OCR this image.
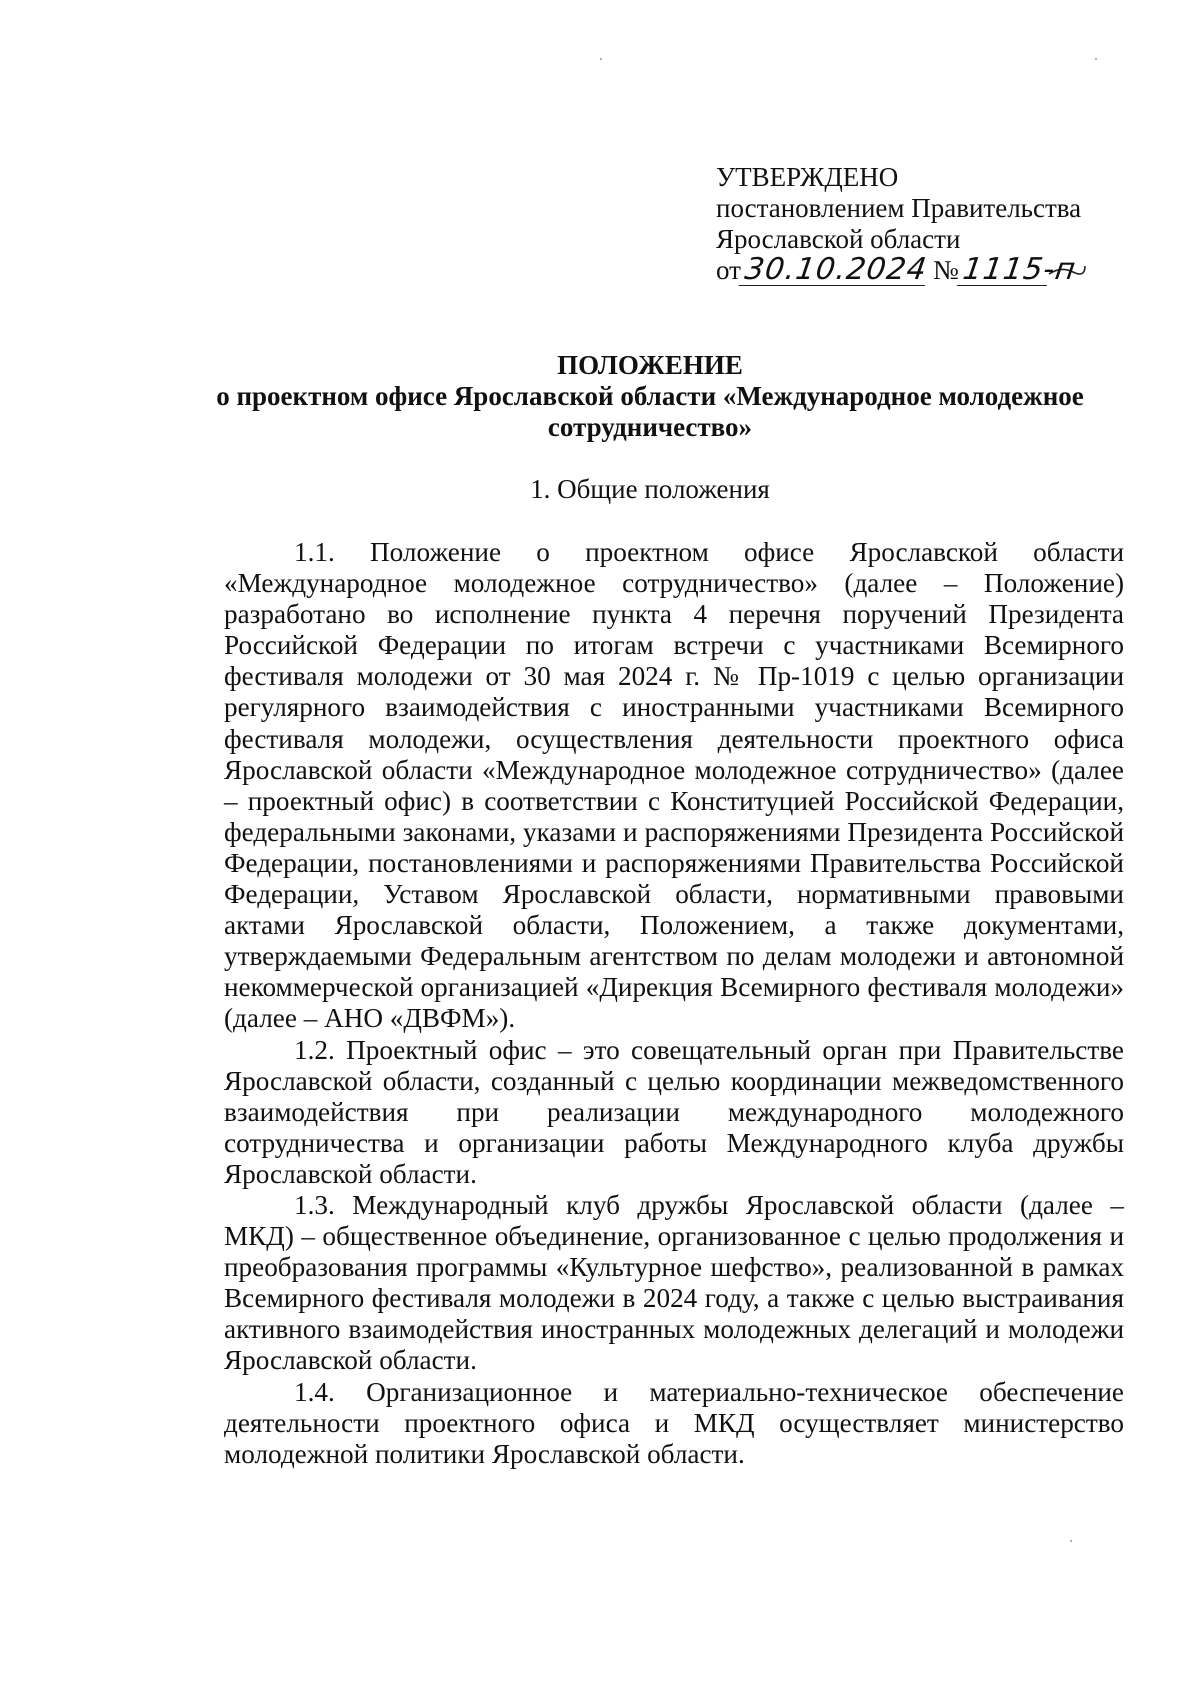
УТВЕРЖДЕНО
постановлением Правительства
Ярославской области
от 30.10.2024 № 1115-п
ПОЛОЖЕНИЕ
о проектном офисе Ярославской области «Международное молодежное
сотрудничество»
1. Общие положения

1.1. Положение о проектном офисе Ярославской области «Международное молодежное сотрудничество» (далее – Положение) разработано во исполнение пункта 4 перечня поручений Президента Российской Федерации по итогам встречи с участниками Всемирного фестиваля молодежи от 30 мая 2024 г. № Пр-1019 с целью организации регулярного взаимодействия с иностранными участниками Всемирного фестиваля молодежи, осуществления деятельности проектного офиса Ярославской области «Международное молодежное сотрудничество» (далее – проектный офис) в соответствии с Конституцией Российской Федерации, федеральными законами, указами и распоряжениями Президента Российской Федерации, постановлениями и распоряжениями Правительства Российской Федерации, Уставом Ярославской области, нормативными правовыми актами Ярославской области, Положением, а также документами, утверждаемыми Федеральным агентством по делам молодежи и автономной некоммерческой организацией «Дирекция Всемирного фестиваля молодежи» (далее – АНО «ДВФМ»).

1.2. Проектный офис – это совещательный орган при Правительстве Ярославской области, созданный с целью координации межведомственного взаимодействия при реализации международного молодежного сотрудничества и организации работы Международного клуба дружбы Ярославской области.

1.3. Международный клуб дружбы Ярославской области (далее – МКД) – общественное объединение, организованное с целью продолжения и преобразования программы «Культурное шефство», реализованной в рамках Всемирного фестиваля молодежи в 2024 году, а также с целью выстраивания активного взаимодействия иностранных молодежных делегаций и молодежи Ярославской области.

1.4. Организационное и материально-техническое обеспечение деятельности проектного офиса и МКД осуществляет министерство молодежной политики Ярославской области.
